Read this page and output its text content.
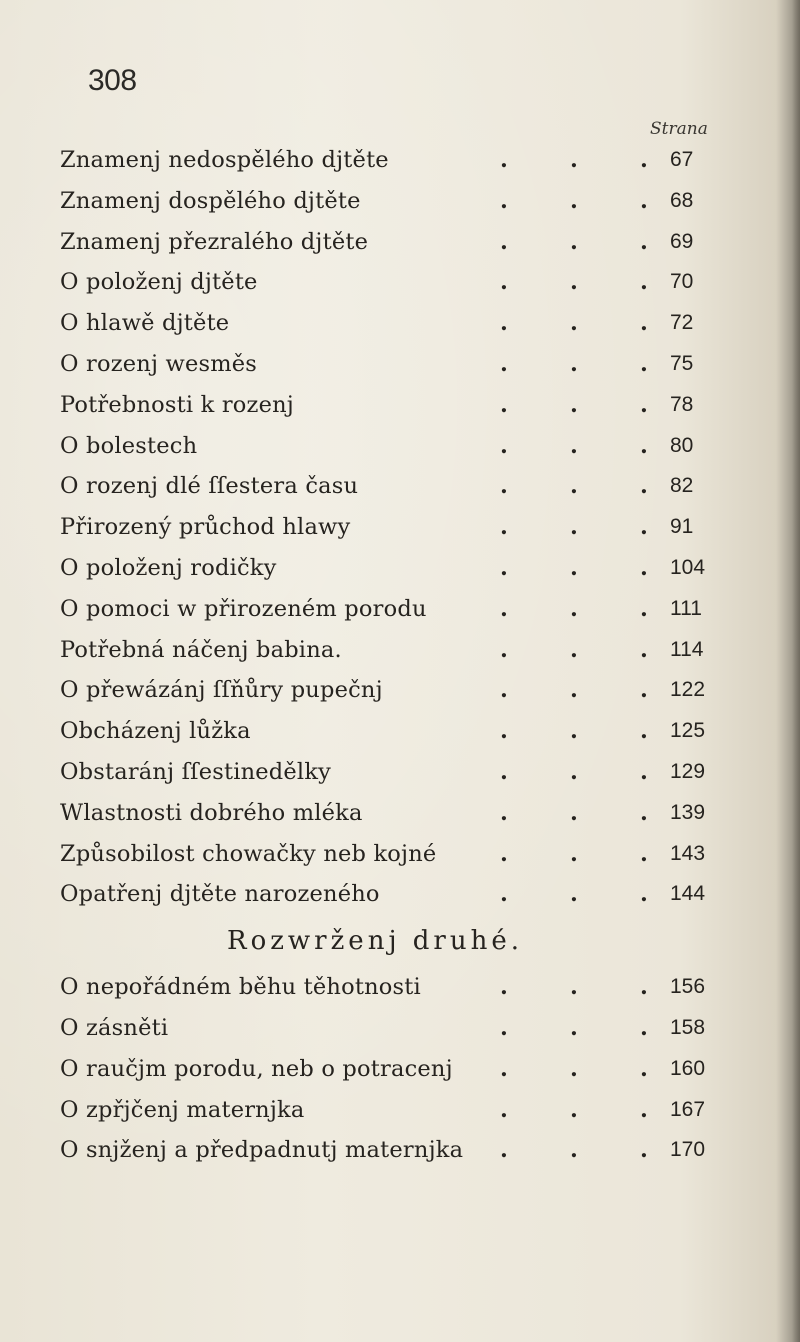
308
Strana
Znamenj nedospělého djtěte	.	.	. 67
Znamenj dospělého djtěte	.	.	. 68
Znamenj přezralého djtěte	.	.	. 69
O položenj djtěte	.	.	. 70
O hlawě djtěte	.	.	. 72
O rozenj wesměs	.	.	. 75
Potřebnosti k rozenj	.	.	. 78
O bolestech	.	.	. 80
O rozenj dlé ſſestera času	.	.	. 82
Přirozený průchod hlawy	.	.	. 91
O položenj rodičky	.	.	. 104
O pomoci w přirozeném porodu	.	.	. 111
Potřebná náčenj babina.	.	.	. 114
O přewázánj ſſňůry pupečnj	.	.	. 122
Obcházenj lůžka	.	.	. 125
Obstaránj ſſestinedělky	.	.	. 129
Wlastnosti dobrého mléka	.	.	. 139
Způsobilost chowačky neb kojné	.	.	. 143
Opatřenj djtěte narozeného	.	.	. 144
Rozwrženj druhé.
O nepořádném běhu těhotnosti	.	.	. 156
O zásněti	.	.	. 158
O raučjm porodu, neb o potracenj .	.	. 160
O zpřjčenj maternjka	.	.	. 167
O snjženj a předpadnutj maternjka .	.	. 170
